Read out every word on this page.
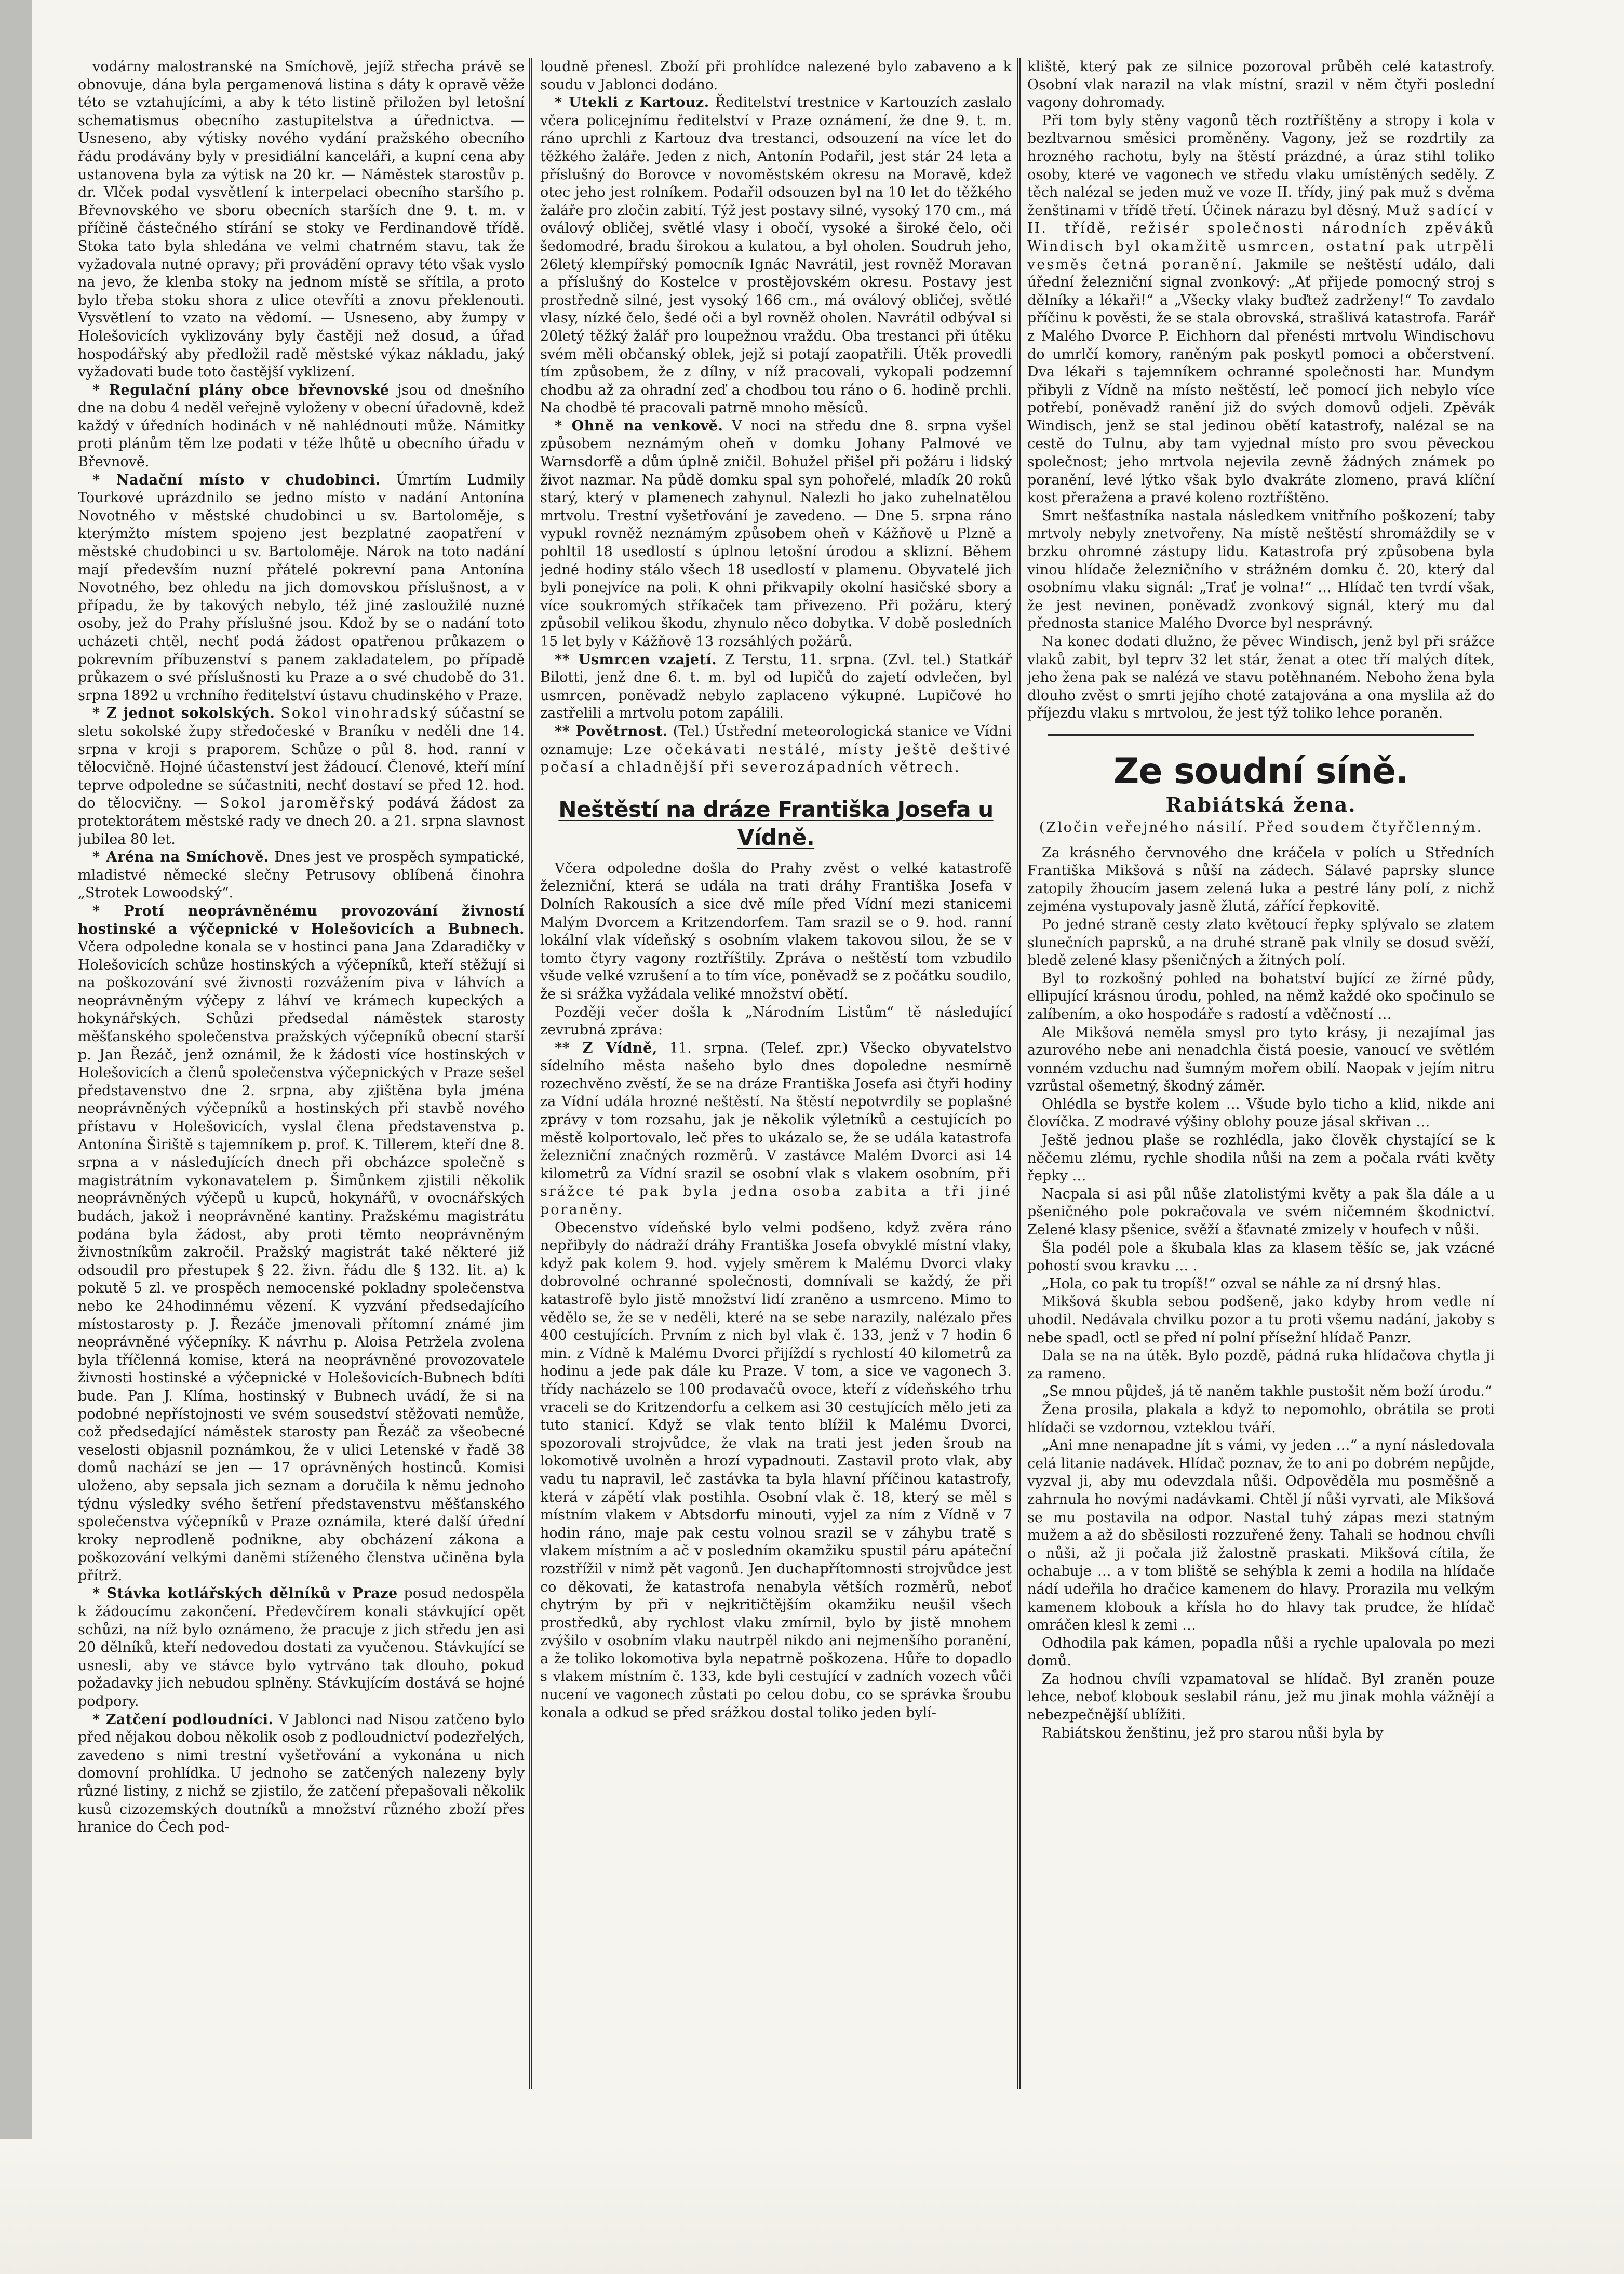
vodárny malostranské na Smíchově, jejíž střecha právě se obnovuje, dána byla pergamenová listina s dáty k opravě věže této se vztahujícími, a aby k této listině přiložen byl letošní schematismus obecního zastupitelstva a úřednictva. — Usneseno, aby výtisky nového vydání pražského obecního řádu prodávány byly v presidiální kanceláři, a kupní cena aby ustanovena byla za výtisk na 20 kr. — Náměstek starostův p. dr. Vlček podal vysvětlení k interpelaci obecního staršího p. Břevnovského ve sboru obecních starších dne 9. t. m. v příčině částečného stírání se stoky ve Ferdinandově třídě. Stoka tato byla shledána ve velmi chatrném stavu, tak že vyžadovala nutné opravy; při provádění opravy této však vyslo na jevo, že klenba stoky na jednom místě se sřítila, a proto bylo třeba stoku shora z ulice otevříti a znovu překlenouti. Vysvětlení to vzato na vědomí. — Usneseno, aby žumpy v Holešovicích vyklizovány byly častěji než dosud, a úřad hospodářský aby předložil radě městské výkaz nákladu, jaký vyžadovati bude toto častější vyklizení.

* Regulační plány obce břevnovské jsou od dnešního dne na dobu 4 neděl veřejně vyloženy v obecní úřadovně, kdež každý v úředních hodinách v ně nahlédnouti může. Námitky proti plánům těm lze podati v téže lhůtě u obecního úřadu v Břevnově.

* Nadační místo v chudobinci. Úmrtím Ludmily Tourkové uprázdnilo se jedno místo v nadání Antonína Novotného v městské chudobinci u sv. Bartoloměje, s kterýmžto místem spojeno jest bezplatné zaopatření v městské chudobinci u sv. Bartoloměje. Nárok na toto nadání mají především nuzní přátelé pokrevní pana Antonína Novotného, bez ohledu na jich domovskou příslušnost, a v případu, že by takových nebylo, též jiné zasloužilé nuzné osoby, jež do Prahy příslušné jsou. Kdož by se o nadání toto ucházeti chtěl, nechť podá žádost opatřenou průkazem o pokrevním příbuzenství s panem zakladatelem, po případě průkazem o své příslušnosti ku Praze a o své chudobě do 31. srpna 1892 u vrchního ředitelství ústavu chudinského v Praze.

* Z jednot sokolských. Sokol vinohradský súčastní se sletu sokolské župy středočeské v Braníku v neděli dne 14. srpna v kroji s praporem. Schůze o půl 8. hod. ranní v tělocvičně. Hojné účastenství jest žádoucí. Členové, kteří míní teprve odpoledne se súčastniti, nechť dostaví se před 12. hod. do tělocvičny. — Sokol jaroměřský podává žádost za protektorátem městské rady ve dnech 20. a 21. srpna slavnost jubilea 80 let.

* Aréna na Smíchově. Dnes jest ve prospěch sympatické, mladistvé německé slečny Petrusovy oblíbená činohra „Strotek Lowoodský“.

* Protí neoprávněnému provozování živností hostinské a výčepnické v Holešovicích a Bubnech. Včera odpoledne konala se v hostinci pana Jana Zdaradičky v Holešovicích schůze hostinských a výčepníků, kteří stěžují si na poškozování své živnosti rozvážením piva v láhvích a neoprávněným výčepy z láhví ve krámech kupeckých a hokynářských. Schůzi předsedal náměstek starosty měšťanského společenstva pražských výčepníků obecní starší p. Jan Řezáč, jenž oznámil, že k žádosti více hostinských v Holešovicích a členů společenstva výčepnických v Praze sešel představenstvo dne 2. srpna, aby zjištěna byla jména neoprávněných výčepníků a hostinských při stavbě nového přístavu v Holešovicích, vyslal člena představenstva p. Antonína Širiště s tajemníkem p. prof. K. Tillerem, kteří dne 8. srpna a v následujících dnech při obcházce společně s magistrátním vykonavatelem p. Šimůnkem zjistili několik neoprávněných výčepů u kupců, hokynářů, v ovocnářských budách, jakož i neoprávněné kantiny. Pražskému magistrátu podána byla žádost, aby proti těmto neoprávněným živnostníkům zakročil. Pražský magistrát také některé již odsoudil pro přestupek § 22. živn. řádu dle § 132. lit. a) k pokutě 5 zl. ve prospěch nemocenské pokladny společenstva nebo ke 24hodinnému vězení. K vyzvání předsedajícího místostarosty p. J. Řezáče jmenovali přítomní známé jim neoprávněné výčepníky. K návrhu p. Aloisa Petržela zvolena byla tříčlenná komise, která na neoprávněné provozovatele živnosti hostinské a výčepnické v Holešovicích-Bubnech bdíti bude. Pan J. Klíma, hostinský v Bubnech uvádí, že si na podobné nepřístojnosti ve svém sousedství stěžovati nemůže, což předsedající náměstek starosty pan Řezáč za všeobecné veselosti objasnil poznámkou, že v ulici Letenské v řadě 38 domů nachází se jen — 17 oprávněných hostinců. Komisi uloženo, aby sepsala jich seznam a doručila k němu jednoho týdnu výsledky svého šetření představenstvu měšťanského společenstva výčepníků v Praze oznámila, které další úřední kroky neprodleně podnikne, aby obcházení zákona a poškozování velkými daněmi stíženého členstva učiněna byla přítrž.

* Stávka kotlářských dělníků v Praze posud nedospěla k žádoucímu zakončení. Předevčírem konali stávkující opět schůzi, na níž bylo oznámeno, že pracuje z jich středu jen asi 20 dělníků, kteří nedovedou dostati za vyučenou. Stávkující se usnesli, aby ve stávce bylo vytrváno tak dlouho, pokud požadavky jich nebudou splněny. Stávkujícím dostává se hojné podpory.

* Zatčení podloudníci. V Jablonci nad Nisou zatčeno bylo před nějakou dobou několik osob z podloudnictví podezřelých, zavedeno s nimi trestní vyšetřování a vykonána u nich domovní prohlídka. U jednoho se zatčených nalezeny byly různé listiny, z nichž se zjistilo, že zatčení přepašovali několik kusů cizozemských doutníků a množství různého zboží přes hranice do Čech pod-

loudně přenesl. Zboží při prohlídce nalezené bylo zabaveno a k soudu v Jablonci dodáno.

* Utekli z Kartouz. Ředitelství trestnice v Kartouzích zaslalo včera policejnímu ředitelství v Praze oznámení, že dne 9. t. m. ráno uprchli z Kartouz dva trestanci, odsouzení na více let do těžkého žaláře. Jeden z nich, Antonín Podařil, jest stár 24 leta a příslušný do Borovce v novoměstském okresu na Moravě, kdež otec jeho jest rolníkem. Podařil odsouzen byl na 10 let do těžkého žaláře pro zločin zabití. Týž jest postavy silné, vysoký 170 cm., má oválový obličej, světlé vlasy i obočí, vysoké a široké čelo, oči šedomodré, bradu širokou a kulatou, a byl oholen. Soudruh jeho, 26letý klempířský pomocník Ignác Navrátil, jest rovněž Moravan a příslušný do Kostelce v prostějovském okresu. Postavy jest prostředně silné, jest vysoký 166 cm., má oválový obličej, světlé vlasy, nízké čelo, šedé oči a byl rovněž oholen. Navrátil odbýval si 20letý těžký žalář pro loupežnou vraždu. Oba trestanci při útěku svém měli občanský oblek, jejž si potají zaopatřili. Útěk provedli tím způsobem, že z dílny, v níž pracovali, vykopali podzemní chodbu až za ohradní zeď a chodbou tou ráno o 6. hodině prchli. Na chodbě té pracovali patrně mnoho měsíců.

* Ohně na venkově. V noci na středu dne 8. srpna vyšel způsobem neznámým oheň v domku Johany Palmové ve Warnsdorfě a dům úplně zničil. Bohužel přišel při požáru i lidský život nazmar. Na půdě domku spal syn pohořelé, mladík 20 roků starý, který v plamenech zahynul. Nalezli ho jako zuhelnatělou mrtvolu. Trestní vyšetřování je zavedeno. — Dne 5. srpna ráno vypukl rovněž neznámým způsobem oheň v Kážňově u Plzně a pohltil 18 usedlostí s úplnou letošní úrodou a sklizní. Během jedné hodiny stálo všech 18 usedlostí v plamenu. Obyvatelé jich byli ponejvíce na poli. K ohni přikvapily okolní hasičské sbory a více soukromých stříkaček tam přivezeno. Při požáru, který způsobil velikou škodu, zhynulo něco dobytka. V době posledních 15 let byly v Kážňově 13 rozsáhlých požárů.

** Usmrcen vzajetí. Z Terstu, 11. srpna. (Zvl. tel.) Statkář Bilotti, jenž dne 6. t. m. byl od lupičů do zajetí odvlečen, byl usmrcen, poněvadž nebylo zaplaceno výkupné. Lupičové ho zastřelili a mrtvolu potom zapálili.

** Povětrnost. (Tel.) Ústřední meteorologická stanice ve Vídni oznamuje: Lze očekávati nestálé, místy ještě deštivé počasí a chladnější při severozápadních větrech.

Neštěstí na dráze Františka Josefa u Vídně.

Včera odpoledne došla do Prahy zvěst o velké katastrofě železniční, která se udála na trati dráhy Františka Josefa v Dolních Rakousích a sice dvě míle před Vídní mezi stanicemi Malým Dvorcem a Kritzendorfem. Tam srazil se o 9. hod. ranní lokální vlak vídeňský s osobním vlakem takovou silou, že se v tomto čtyry vagony roztříštily. Zpráva o neštěstí tom vzbudilo všude velké vzrušení a to tím více, poněvadž se z počátku soudilo, že si srážka vyžádala veliké množství obětí.

Později večer došla k „Národním Listům“ tě následující zevrubná zpráva:

** Z Vídně, 11. srpna. (Telef. zpr.) Všecko obyvatelstvo sídelního města našeho bylo dnes dopoledne nesmírně rozechvěno zvěstí, že se na dráze Františka Josefa asi čtyři hodiny za Vídní udála hrozné neštěstí. Na štěstí nepotvrdily se poplašné zprávy v tom rozsahu, jak je několik výletníků a cestujících po městě kolportovalo, leč přes to ukázalo se, že se udála katastrofa železniční značných rozměrů. V zastávce Malém Dvorci asi 14 kilometrů za Vídní srazil se osobní vlak s vlakem osobním, při srážce té pak byla jedna osoba zabita a tři jiné poraněny.

Obecenstvo vídeňské bylo velmi podšeno, když zvěra ráno nepřibyly do nádraží dráhy Františka Josefa obvyklé místní vlaky, když pak kolem 9. hod. vyjely směrem k Malému Dvorci vlaky dobrovolné ochranné společnosti, domnívali se každý, že při katastrofě bylo jistě množství lidí zraněno a usmrceno. Mimo to vědělo se, že se v neděli, které na se sebe narazily, nalézalo přes 400 cestujících. Prvním z nich byl vlak č. 133, jenž v 7 hodin 6 min. z Vídně k Malému Dvorci přijíždí s rychlostí 40 kilometrů za hodinu a jede pak dále ku Praze. V tom, a sice ve vagonech 3. třídy nacházelo se 100 prodavačů ovoce, kteří z vídeňského trhu vraceli se do Kritzendorfu a celkem asi 30 cestujících mělo jeti za tuto stanicí. Když se vlak tento blížil k Malému Dvorci, spozorovali strojvůdce, že vlak na trati jest jeden šroub na lokomotivě uvolněn a hrozí vypadnouti. Zastavil proto vlak, aby vadu tu napravil, leč zastávka ta byla hlavní příčinou katastrofy, která v zápětí vlak postihla. Osobní vlak č. 18, který se měl s místním vlakem v Abtsdorfu minouti, vyjel za ním z Vídně v 7 hodin ráno, maje pak cestu volnou srazil se v záhybu tratě s vlakem místním a ač v posledním okamžiku spustil páru apáteční rozstřížil v nimž pět vagonů. Jen duchapřítomnosti strojvůdce jest co děkovati, že katastrofa nenabyla větších rozměrů, neboť chytrým by při v nejkritičtějším okamžiku neušil všech prostředků, aby rychlost vlaku zmírnil, bylo by jistě mnohem zvýšilo v osobním vlaku nautrpěl nikdo ani nejmenšího poranění, a že toliko lokomotiva byla nepatrně poškozena. Hůře to dopadlo s vlakem místním č. 133, kde byli cestující v zadních vozech vůči nucení ve vagonech zůstati po celou dobu, co se správka šroubu konala a odkud se před srážkou dostal toliko jeden bylí-

kliště, který pak ze silnice pozoroval průběh celé katastrofy. Osobní vlak narazil na vlak místní, srazil v něm čtyři poslední vagony dohromady.

Při tom byly stěny vagonů těch roztříštěny a stropy i kola v bezltvarnou směsici proměněny. Vagony, jež se rozdrtily za hrozného rachotu, byly na štěstí prázdné, a úraz stihl toliko osoby, které ve vagonech ve středu vlaku umístěných seděly. Z těch nalézal se jeden muž ve voze II. třídy, jiný pak muž s dvěma ženštinami v třídě třetí. Účinek nárazu byl děsný. Muž sadící v II. třídě, režisér společnosti národních zpěváků Windisch byl okamžitě usmrcen, ostatní pak utrpěli vesměs četná poranění. Jakmile se neštěstí událo, dali úřední železniční signal zvonkový: „Ať přijede pomocný stroj s dělníky a lékaři!“ a „Všecky vlaky buďtež zadrženy!“ To zavdalo příčinu k pověsti, že se stala obrovská, strašlivá katastrofa. Farář z Malého Dvorce P. Eichhorn dal přenésti mrtvolu Windischovu do umrlčí komory, raněným pak poskytl pomoci a občerstvení. Dva lékaři s tajemníkem ochranné společnosti har. Mundym přibyli z Vídně na místo neštěstí, leč pomocí jich nebylo více potřebí, poněvadž ranění již do svých domovů odjeli. Zpěvák Windisch, jenž se stal jedinou obětí katastrofy, nalézal se na cestě do Tulnu, aby tam vyjednal místo pro svou pěveckou společnost; jeho mrtvola nejevila zevně žádných známek po poranění, levé lýtko však bylo dvakráte zlomeno, pravá klíční kost přeražena a pravé koleno roztříštěno.

Smrt nešťastníka nastala následkem vnitřního poškození; taby mrtvoly nebyly znetvořeny. Na místě neštěstí shromáždily se v brzku ohromné zástupy lidu. Katastrofa prý způsobena byla vinou hlídače železničního v strážném domku č. 20, který dal osobnímu vlaku signál: „Trať je volna!“ … Hlídač ten tvrdí však, že jest nevinen, poněvadž zvonkový signál, který mu dal přednosta stanice Malého Dvorce byl nesprávný.

Na konec dodati dlužno, že pěvec Windisch, jenž byl při srážce vlaků zabit, byl teprv 32 let stár, ženat a otec tří malých dítek, jeho žena pak se nalézá ve stavu potěhnaném. Neboho žena byla dlouho zvěst o smrti jejího choté zatajována a ona myslila až do příjezdu vlaku s mrtvolou, že jest týž toliko lehce poraněn.

Ze soudní síně.
Rabiátská žena.
(Zločin veřejného násilí. Před soudem čtyřčlenným.

Za krásného červnového dne kráčela v polích u Středních Františka Mikšová s nůší na zádech. Sálavé paprsky slunce zatopily žhoucím jasem zelená luka a pestré lány polí, z nichž zejména vystupovaly jasně žlutá, zářící řepkovitě.

Po jedné straně cesty zlato květoucí řepky splývalo se zlatem slunečních paprsků, a na druhé straně pak vlnily se dosud svěží, bledě zelené klasy pšeničných a žitných polí.

Byl to rozkošný pohled na bohatství bující ze žírné půdy, ellipující krásnou úrodu, pohled, na němž každé oko spočinulo se zalíbením, a oko hospodáře s radostí a vděčností …

Ale Mikšová neměla smysl pro tyto krásy, ji nezajímal jas azurového nebe ani nenadchla čistá poesie, vanoucí ve světlém vonném vzduchu nad šumným mořem obilí. Naopak v jejím nitru vzrůstal ošemetný, škodný záměr.

Ohlédla se bystře kolem … Všude bylo ticho a klid, nikde ani človíčka. Z modravé výšiny oblohy pouze jásal skřivan …

Ještě jednou plaše se rozhlédla, jako člověk chystající se k něčemu zlému, rychle shodila nůši na zem a počala rváti květy řepky …

Nacpala si asi půl nůše zlatolistými květy a pak šla dále a u pšeničného pole pokračovala ve svém ničemném škodnictví. Zelené klasy pšenice, svěží a šťavnaté zmizely v houfech v nůši.

Šla podél pole a škubala klas za klasem těšíc se, jak vzácné pohostí svou kravku … .

„Hola, co pak tu tropíš!“ ozval se náhle za ní drsný hlas.

Mikšová škubla sebou podšeně, jako kdyby hrom vedle ní uhodil. Nedávala chvilku pozor a tu proti všemu nadání, jakoby s nebe spadl, octl se před ní polní přísežní hlídač Panzr.

Dala se na na útěk. Bylo pozdě, pádná ruka hlídačova chytla ji za rameno.

„Se mnou půjdeš, já tě naněm takhle pustošit něm boží úrodu.“

Žena prosila, plakala a když to nepomohlo, obrátila se proti hlídači se vzdornou, vzteklou tváří.

„Ani mne nenapadne jít s vámi, vy jeden …“ a nyní následovala celá litanie nadávek. Hlídač poznav, že to ani po dobrém nepůjde, vyzval ji, aby mu odevzdala nůši. Odpověděla mu posměšně a zahrnula ho novými nadávkami. Chtěl jí nůši vyrvati, ale Mikšová se mu postavila na odpor. Nastal tuhý zápas mezi statným mužem a až do sběsilosti rozzuřené ženy. Tahali se hodnou chvíli o nůši, až ji počala již žalostně praskati. Mikšová cítila, že ochabuje … a v tom bliště se sehýbla k zemi a hodila na hlídače nádí udeřila ho dračice kamenem do hlavy. Prorazila mu velkým kamenem klobouk a křísla ho do hlavy tak prudce, že hlídač omráčen klesl k zemi …

Odhodila pak kámen, popadla nůši a rychle upalovala po mezi domů.

Za hodnou chvíli vzpamatoval se hlídač. Byl zraněn pouze lehce, neboť klobouk seslabil ránu, jež mu jinak mohla vážnějí a nebezpečnější ublížiti.

Rabiátskou ženštinu, jež pro starou nůši byla by
